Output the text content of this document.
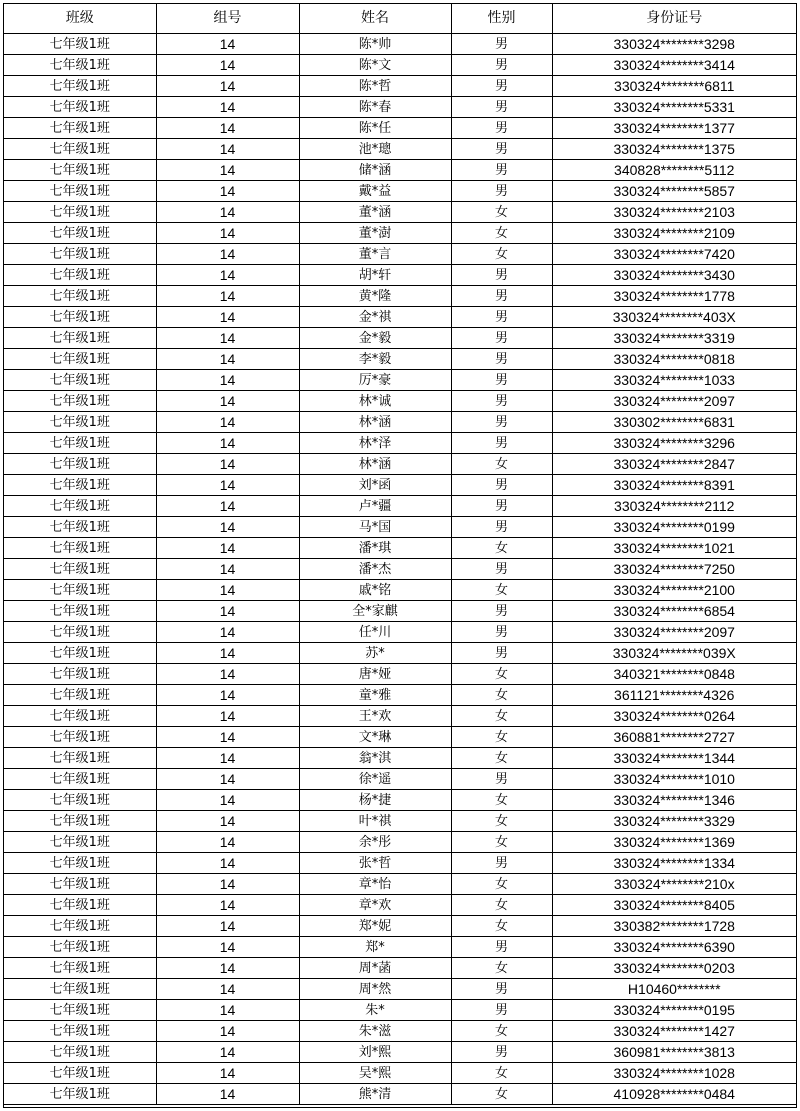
班级	组号	姓名	性别	身份证号
七年级1班	14	陈*帅	男	330324********3298
七年级1班	14	陈*文	男	330324********3414
七年级1班	14	陈*哲	男	330324********6811
七年级1班	14	陈*春	男	330324********5331
七年级1班	14	陈*任	男	330324********1377
七年级1班	14	池*璁	男	330324********1375
七年级1班	14	储*涵	男	340828********5112
七年级1班	14	戴*益	男	330324********5857
七年级1班	14	董*涵	女	330324********2103
七年级1班	14	董*澍	女	330324********2109
七年级1班	14	董*言	女	330324********7420
七年级1班	14	胡*轩	男	330324********3430
七年级1班	14	黄*隆	男	330324********1778
七年级1班	14	金*祺	男	330324********403X
七年级1班	14	金*毅	男	330324********3319
七年级1班	14	李*毅	男	330324********0818
七年级1班	14	厉*豪	男	330324********1033
七年级1班	14	林*诚	男	330324********2097
七年级1班	14	林*涵	男	330302********6831
七年级1班	14	林*泽	男	330324********3296
七年级1班	14	林*涵	女	330324********2847
七年级1班	14	刘*函	男	330324********8391
七年级1班	14	卢*疆	男	330324********2112
七年级1班	14	马*国	男	330324********0199
七年级1班	14	潘*琪	女	330324********1021
七年级1班	14	潘*杰	男	330324********7250
七年级1班	14	戚*铭	女	330324********2100
七年级1班	14	全*家麒	男	330324********6854
七年级1班	14	任*川	男	330324********2097
七年级1班	14	苏*	男	330324********039X
七年级1班	14	唐*娅	女	340321********0848
七年级1班	14	童*雅	女	361121********4326
七年级1班	14	王*欢	女	330324********0264
七年级1班	14	文*琳	女	360881********2727
七年级1班	14	翁*淇	女	330324********1344
七年级1班	14	徐*遥	男	330324********1010
七年级1班	14	杨*捷	女	330324********1346
七年级1班	14	叶*祺	女	330324********3329
七年级1班	14	余*彤	女	330324********1369
七年级1班	14	张*哲	男	330324********1334
七年级1班	14	章*怡	女	330324********210x
七年级1班	14	章*欢	女	330324********8405
七年级1班	14	郑*妮	女	330382********1728
七年级1班	14	郑*	男	330324********6390
七年级1班	14	周*菡	女	330324********0203
七年级1班	14	周*然	男	H10460********
七年级1班	14	朱*	男	330324********0195
七年级1班	14	朱*滋	女	330324********1427
七年级1班	14	刘*熙	男	360981********3813
七年级1班	14	吴*熙	女	330324********1028
七年级1班	14	熊*清	女	410928********0484
